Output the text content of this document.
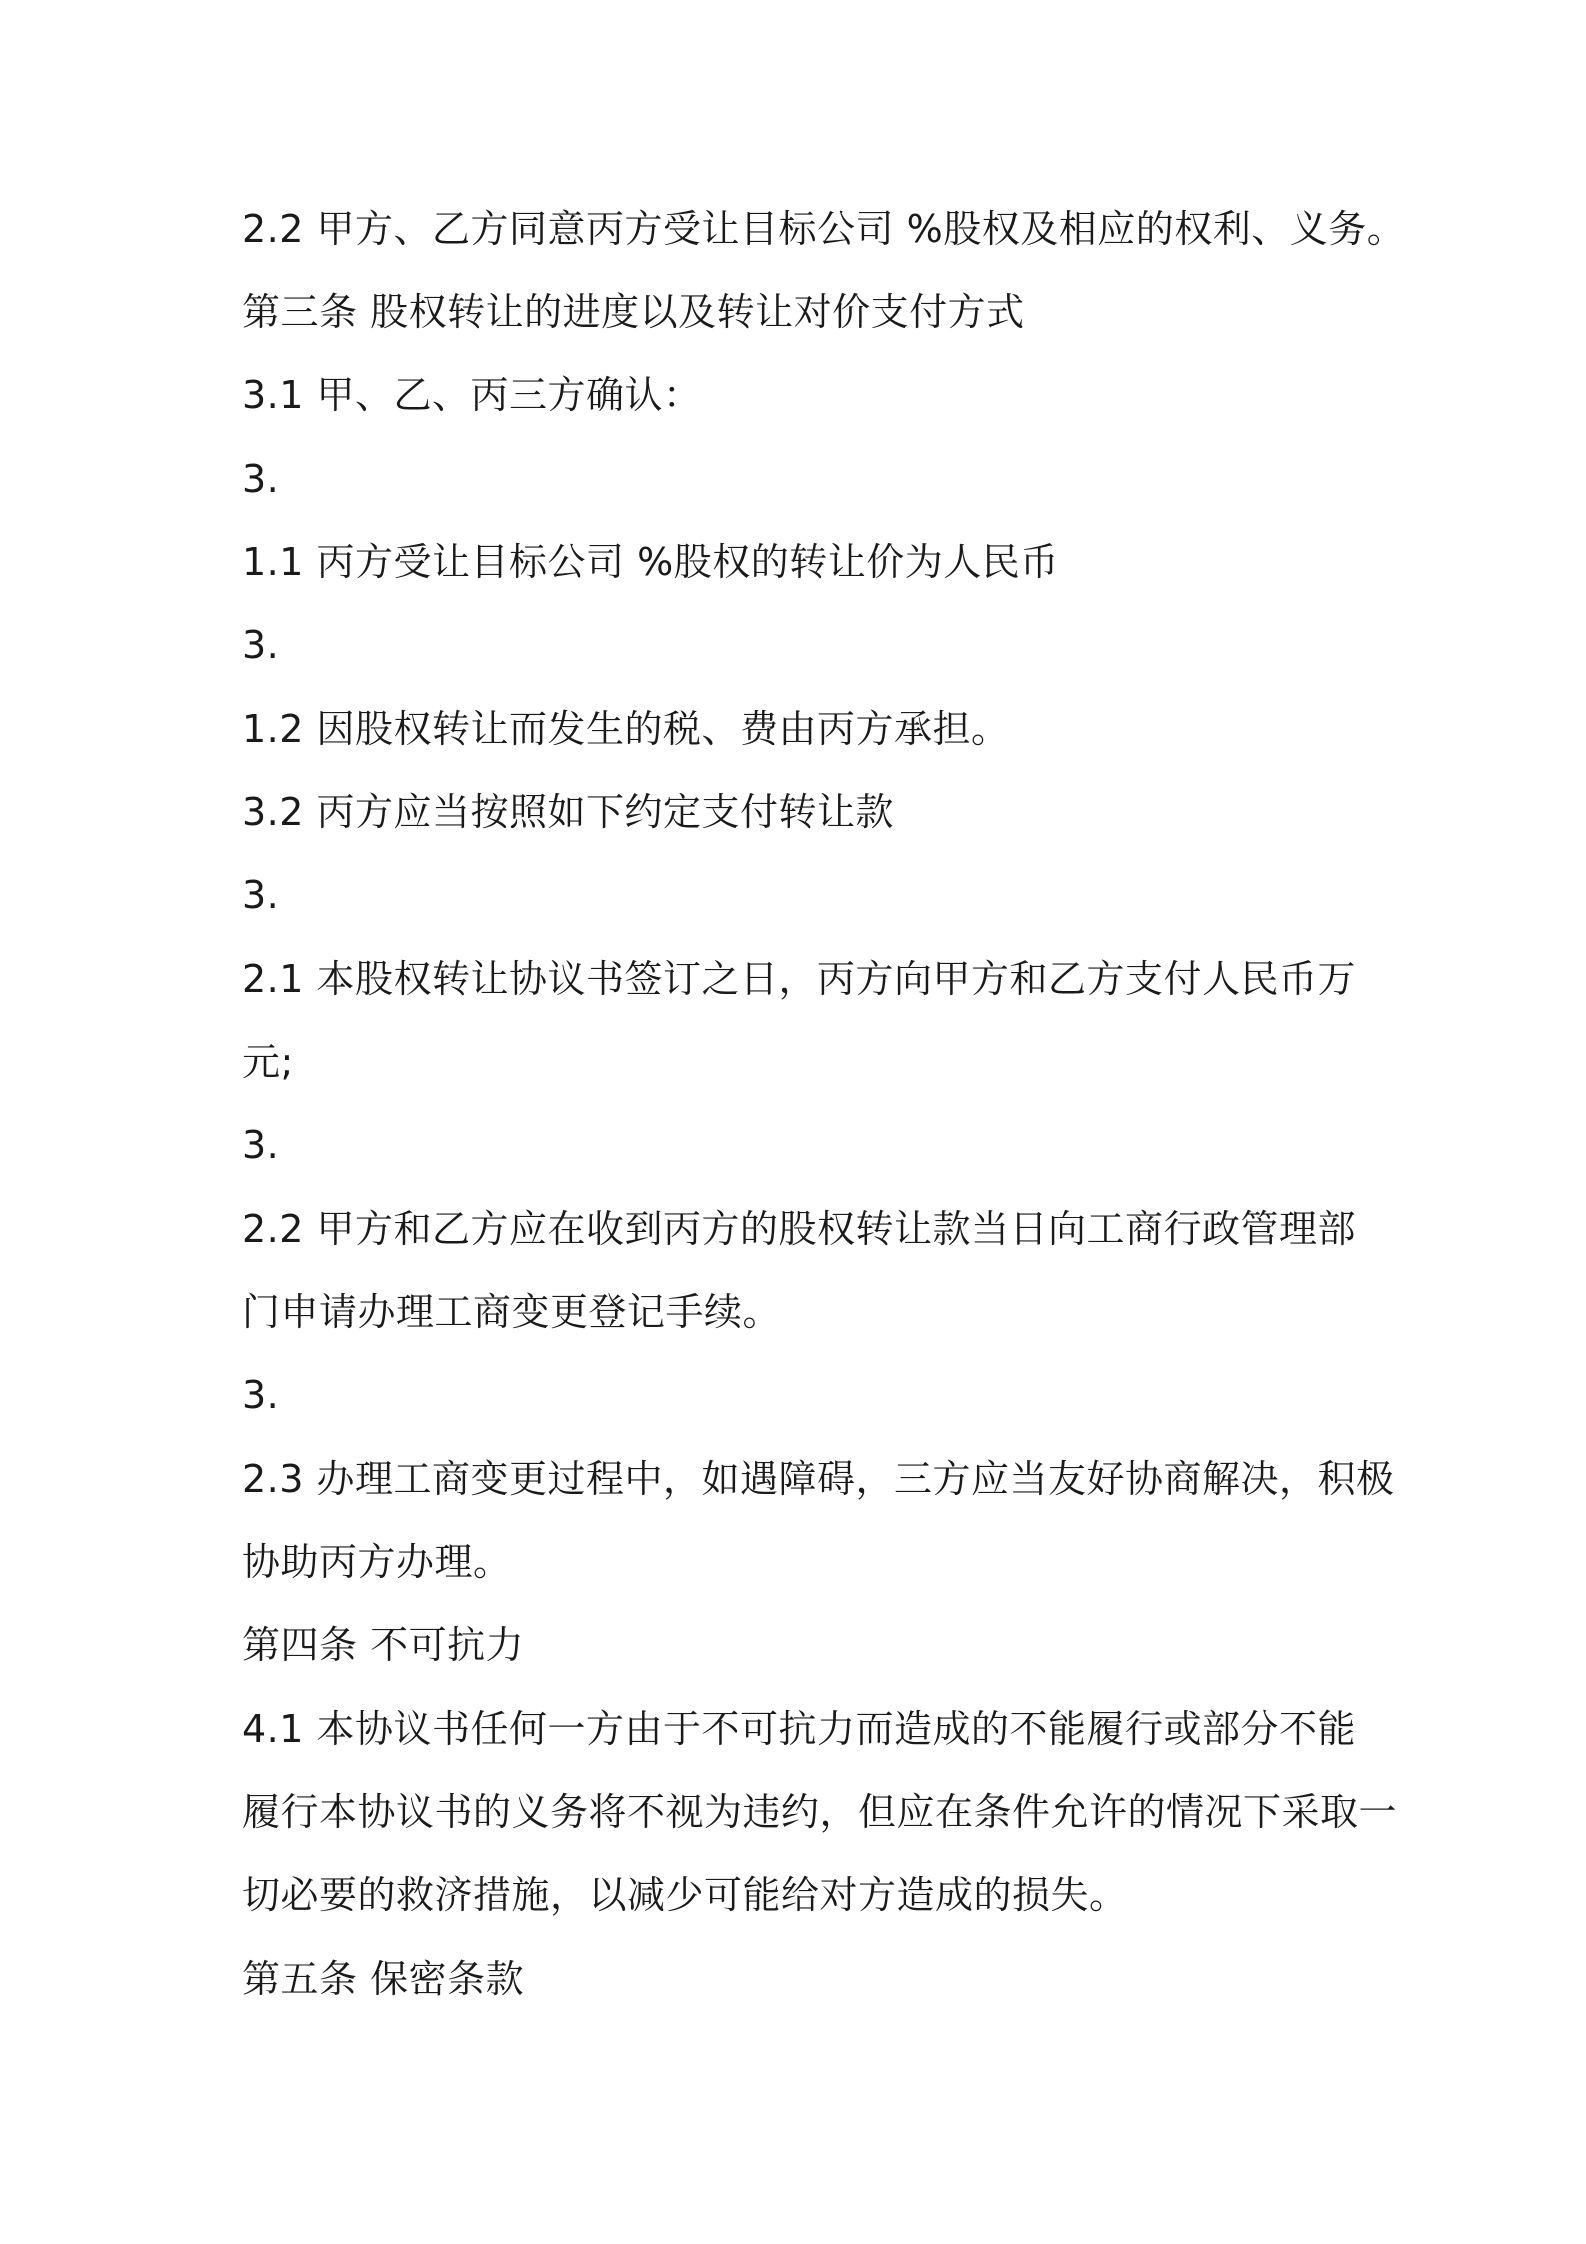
2.2 甲方、乙方同意丙方受让目标公司 %股权及相应的权利、义务。
第三条 股权转让的进度以及转让对价支付方式
3.1 甲、乙、丙三方确认：
3.
1.1 丙方受让目标公司 %股权的转让价为人民币
3.
1.2 因股权转让而发生的税、费由丙方承担。
3.2 丙方应当按照如下约定支付转让款
3.
2.1 本股权转让协议书签订之日，丙方向甲方和乙方支付人民币万
元;
3.
2.2 甲方和乙方应在收到丙方的股权转让款当日向工商行政管理部
门申请办理工商变更登记手续。
3.
2.3 办理工商变更过程中，如遇障碍，三方应当友好协商解决，积极
协助丙方办理。
第四条 不可抗力
4.1 本协议书任何一方由于不可抗力而造成的不能履行或部分不能
履行本协议书的义务将不视为违约，但应在条件允许的情况下采取一
切必要的救济措施，以减少可能给对方造成的损失。
第五条 保密条款
